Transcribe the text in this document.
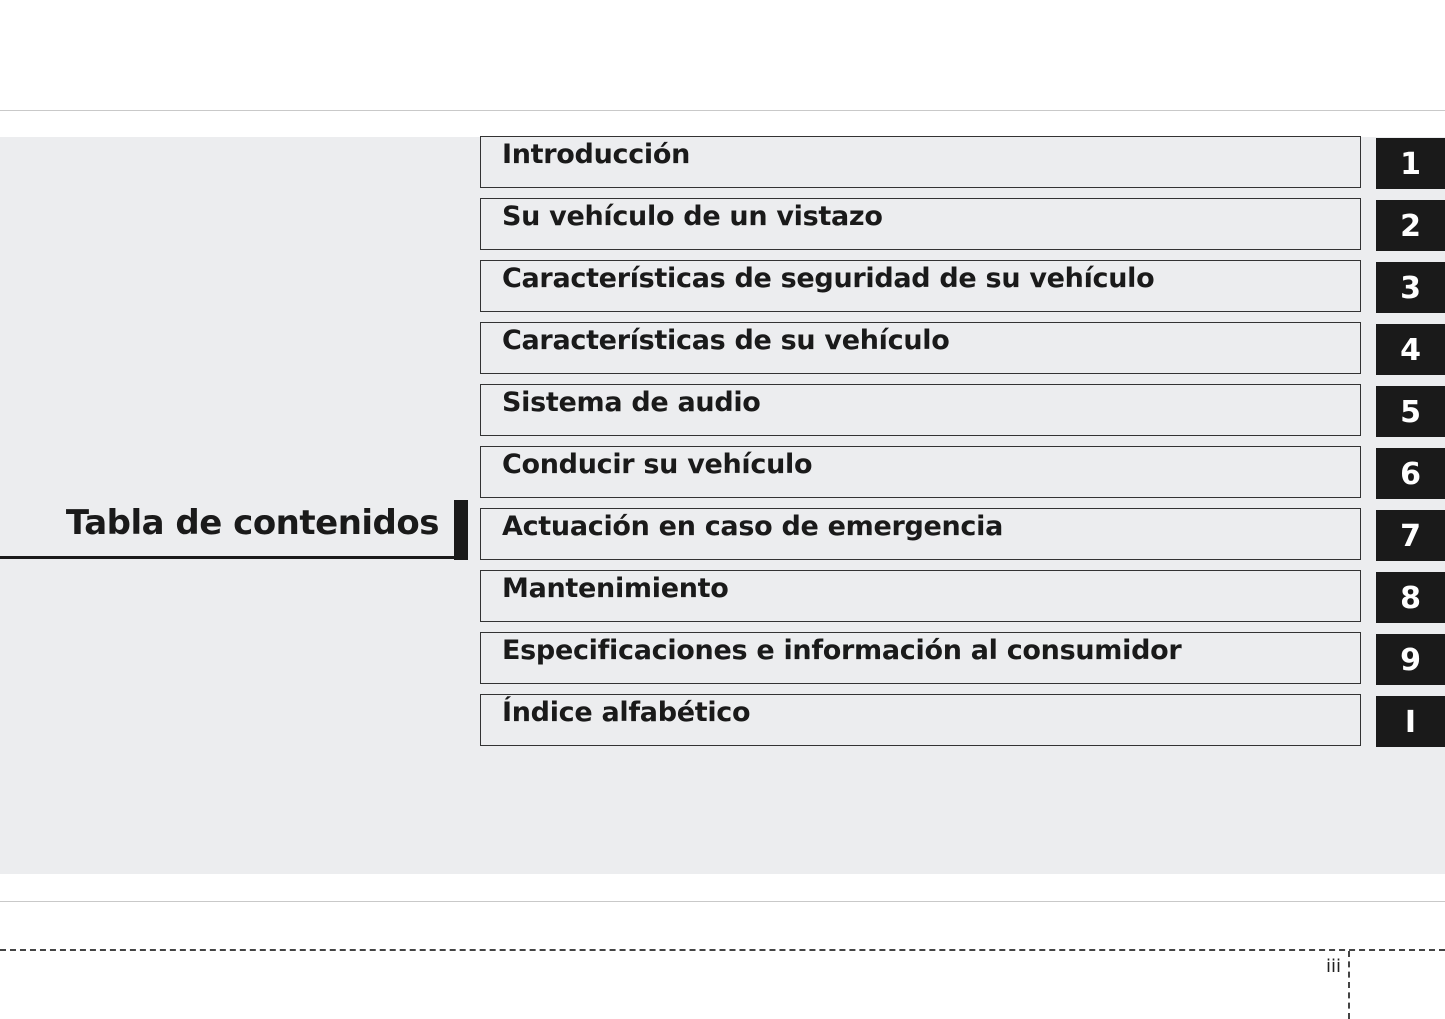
Tabla de contenidos
Introducción	1
Su vehículo de un vistazo	2
Características de seguridad de su vehículo	3
Características de su vehículo	4
Sistema de audio	5
Conducir su vehículo	6
Actuación en caso de emergencia	7
Mantenimiento	8
Especificaciones e información al consumidor	9
Índice alfabético	I
iii
